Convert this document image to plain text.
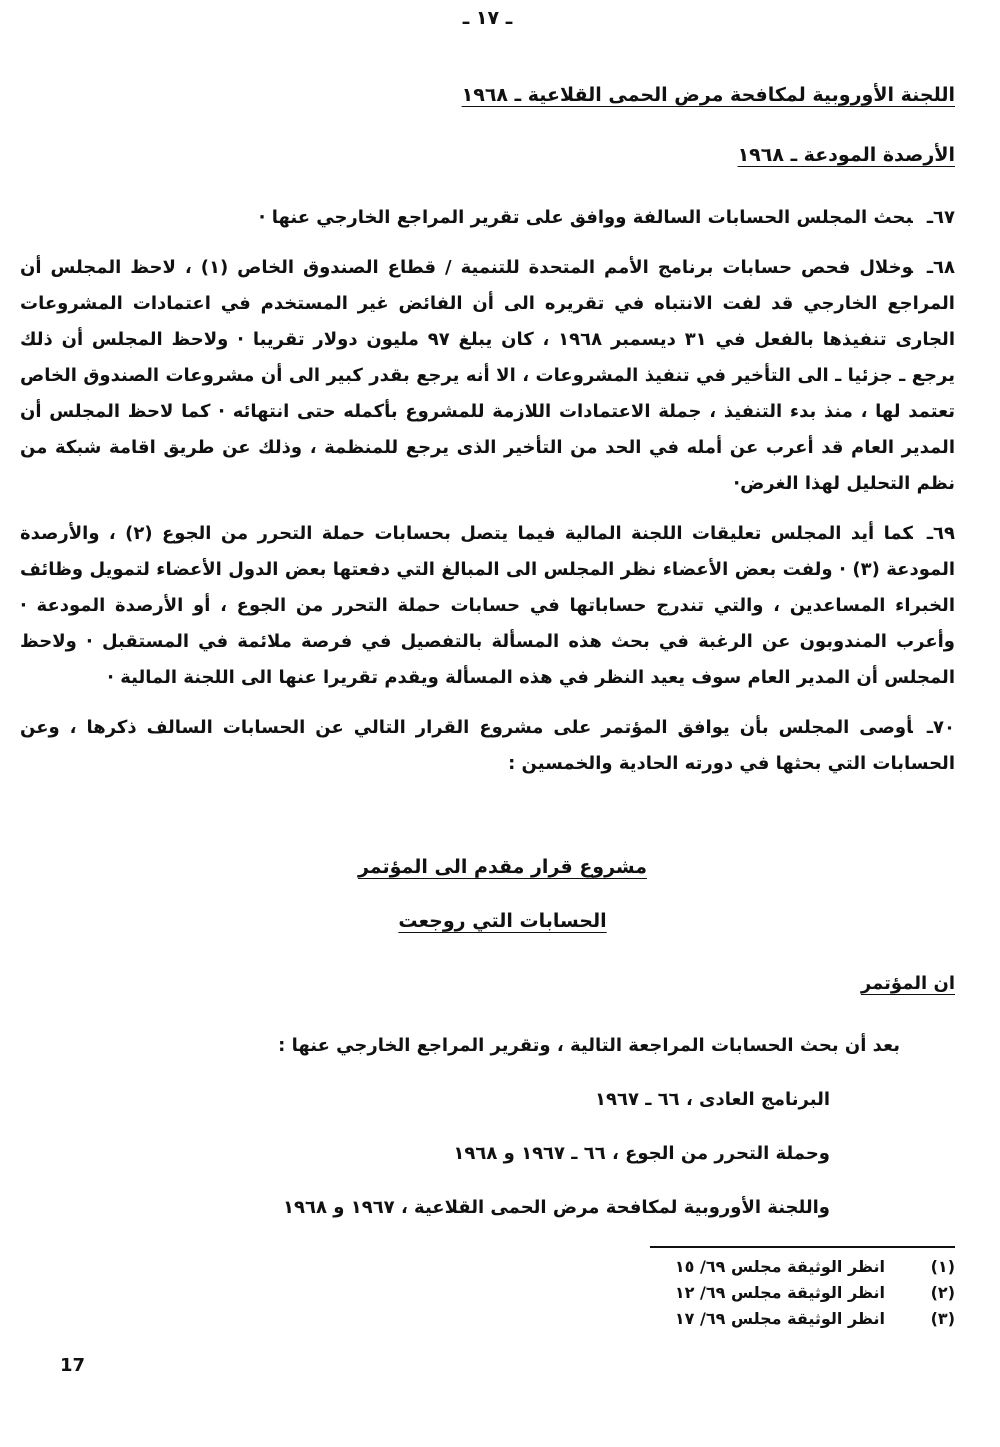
ـ ١٧ ـ
اللجنة الأوروبية لمكافحة مرض الحمى القلاعية ـ ١٩٦٨
الأرصدة المودعة ـ ١٩٦٨
٦٧ـبحث المجلس الحسابات السالفة ووافق على تقرير المراجع الخارجي عنها ·
٦٨ـوخلال فحص حسابات برنامج الأمم المتحدة للتنمية / قطاع الصندوق الخاص (١) ، لاحظ المجلس أن المراجع الخارجي قد لفت الانتباه في تقريره الى أن الفائض غير المستخدم في اعتمادات المشروعات الجارى تنفيذها بالفعل في ٣١ ديسمبر ١٩٦٨ ، كان يبلغ ٩٧ مليون دولار تقريبا · ولاحظ المجلس أن ذلك يرجع ـ جزئيا ـ الى التأخير في تنفيذ المشروعات ، الا أنه يرجع بقدر كبير الى أن مشروعات الصندوق الخاص تعتمد لها ، منذ بدء التنفيذ ، جملة الاعتمادات اللازمة للمشروع بأكمله حتى انتهائه · كما لاحظ المجلس أن المدير العام قد أعرب عن أمله في الحد من التأخير الذى يرجع للمنظمة ، وذلك عن طريق اقامة شبكة من نظم التحليل لهذا الغرض·
٦٩ـكما أيد المجلس تعليقات اللجنة المالية فيما يتصل بحسابات حملة التحرر من الجوع (٢) ، والأرصدة المودعة (٣) · ولفت بعض الأعضاء نظر المجلس الى المبالغ التي دفعتها بعض الدول الأعضاء لتمويل وظائف الخبراء المساعدين ، والتي تندرج حساباتها في حسابات حملة التحرر من الجوع ، أو الأرصدة المودعة · وأعرب المندوبون عن الرغبة في بحث هذه المسألة بالتفصيل في فرصة ملائمة في المستقبل · ولاحظ المجلس أن المدير العام سوف يعيد النظر في هذه المسألة ويقدم تقريرا عنها الى اللجنة المالية ·
٧٠ـأوصى المجلس بأن يوافق المؤتمر على مشروع القرار التالي عن الحسابات السالف ذكرها ، وعن الحسابات التي بحثها في دورته الحادية والخمسين :
مشروع قرار مقدم الى المؤتمر
الحسابات التي روجعت
ان المؤتمر
بعد أن بحث الحسابات المراجعة التالية ، وتقرير المراجع الخارجي عنها :
البرنامج العادى ، ٦٦ ـ ١٩٦٧
وحملة التحرر من الجوع ، ٦٦ ـ ١٩٦٧ و ١٩٦٨
واللجنة الأوروبية لمكافحة مرض الحمى القلاعية ، ١٩٦٧ و ١٩٦٨
(١)انظر الوثيقة مجلس ٦٩/ ١٥
(٢)انظر الوثيقة مجلس ٦٩/ ١٢
(٣)انظر الوثيقة مجلس ٦٩/ ١٧
17
